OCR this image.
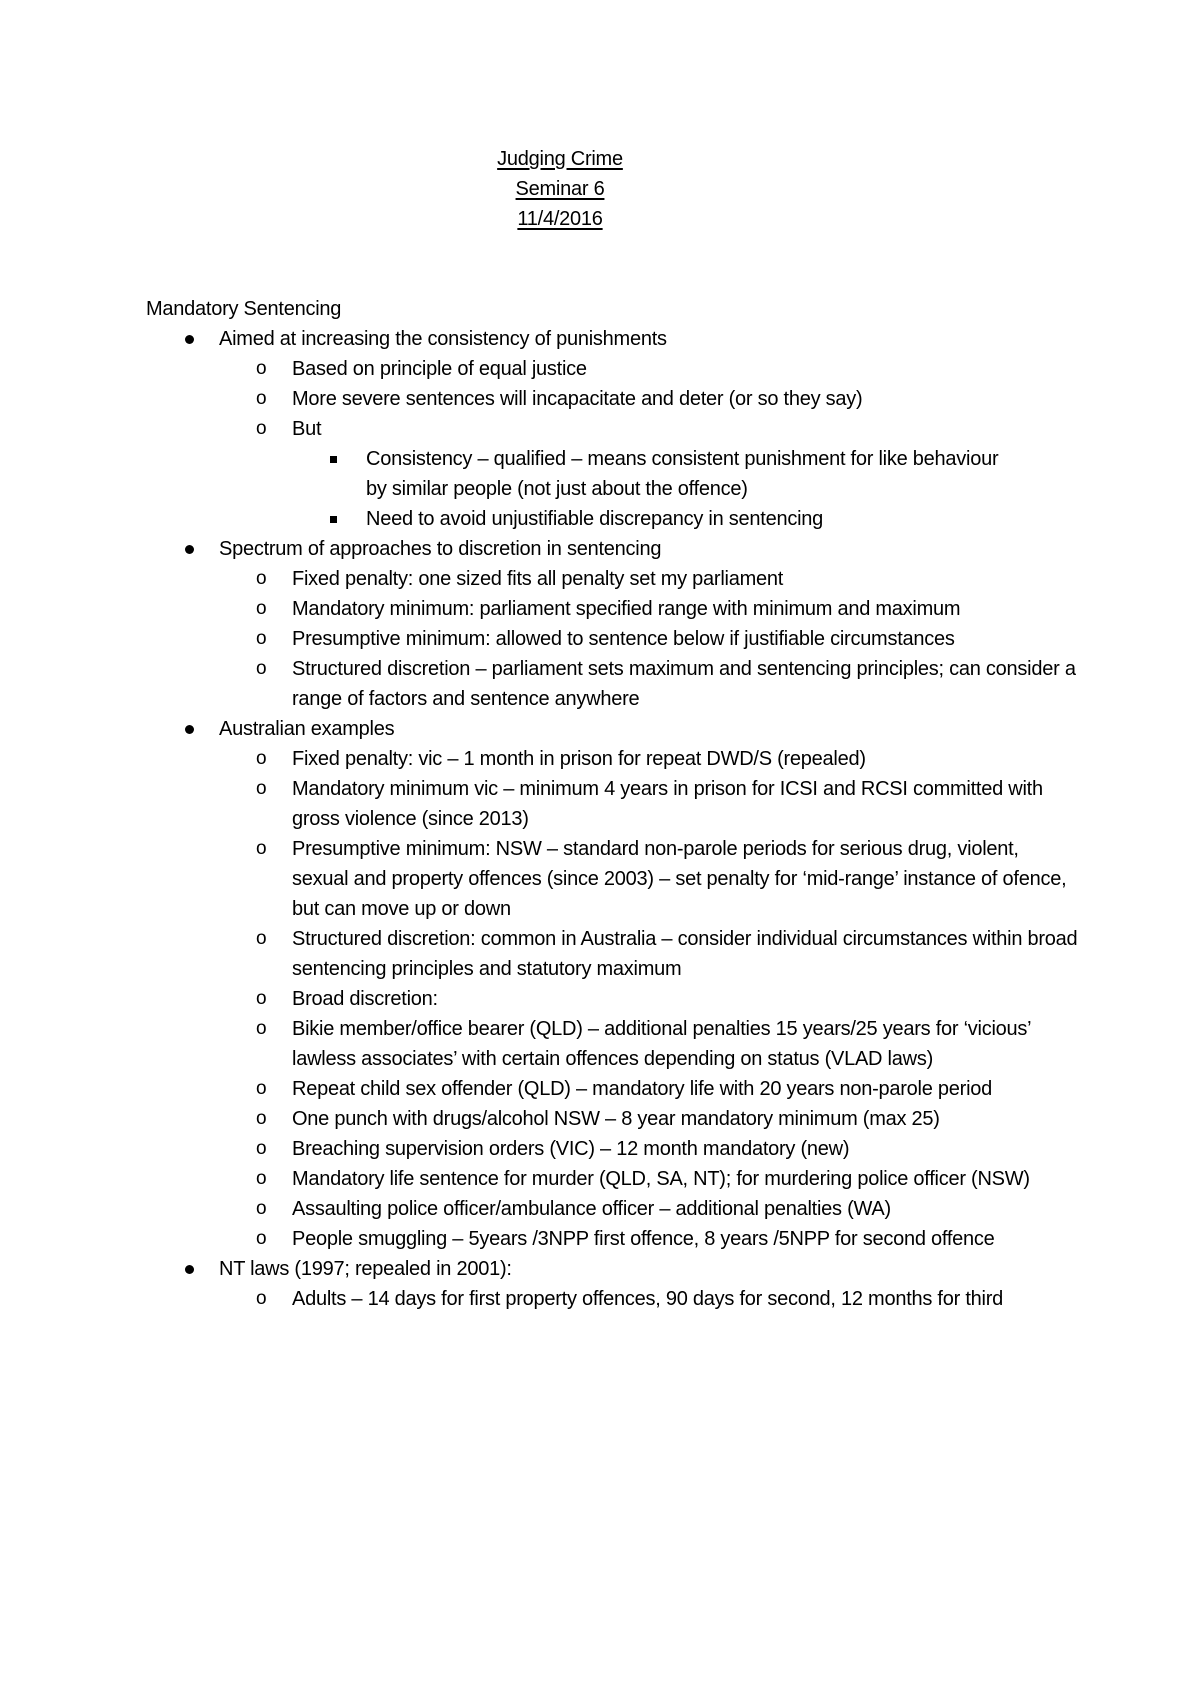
Judging Crime
Seminar 6
11/4/2016
Mandatory Sentencing
Aimed at increasing the consistency of punishments
o Based on principle of equal justice
o More severe sentences will incapacitate and deter (or so they say)
o But
Consistency – qualified – means consistent punishment for like behaviour by similar people (not just about the offence)
Need to avoid unjustifiable discrepancy in sentencing
Spectrum of approaches to discretion in sentencing
o Fixed penalty: one sized fits all penalty set my parliament
o Mandatory minimum: parliament specified range with minimum and maximum
o Presumptive minimum: allowed to sentence below if justifiable circumstances
o Structured discretion – parliament sets maximum and sentencing principles; can consider a range of factors and sentence anywhere
Australian examples
o Fixed penalty: vic – 1 month in prison for repeat DWD/S (repealed)
o Mandatory minimum vic – minimum 4 years in prison for ICSI and RCSI committed with gross violence (since 2013)
o Presumptive minimum: NSW – standard non-parole periods for serious drug, violent, sexual and property offences (since 2003) – set penalty for ‘mid-range’ instance of ofence, but can move up or down
o Structured discretion: common in Australia – consider individual circumstances within broad sentencing principles and statutory maximum
o Broad discretion:
o Bikie member/office bearer (QLD) – additional penalties 15 years/25 years for ‘vicious’ lawless associates’ with certain offences depending on status (VLAD laws)
o Repeat child sex offender (QLD) – mandatory life with 20 years non-parole period
o One punch with drugs/alcohol NSW – 8 year mandatory minimum (max 25)
o Breaching supervision orders (VIC) – 12 month mandatory (new)
o Mandatory life sentence for murder (QLD, SA, NT); for murdering police officer (NSW)
o Assaulting police officer/ambulance officer – additional penalties (WA)
o People smuggling – 5years /3NPP first offence, 8 years /5NPP for second offence
NT laws (1997; repealed in 2001):
o Adults – 14 days for first property offences, 90 days for second, 12 months for third
